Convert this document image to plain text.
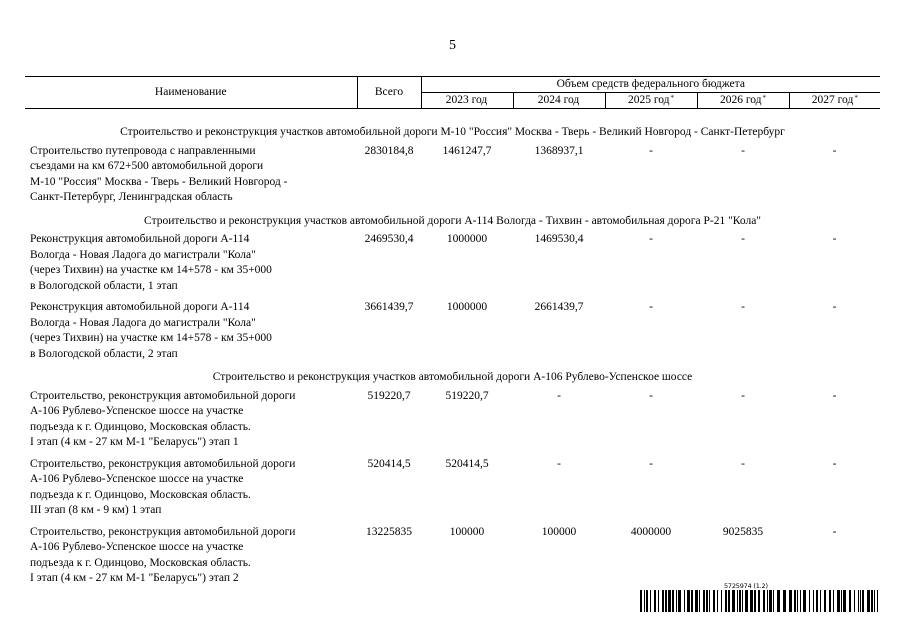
5
Наименование	Всего	Объем средств федерального бюджета				
		2023 год	2024 год	2025 год*	2026 год*	2027 год*

Строительство и реконструкция участков автомобильной дороги М-10 "Россия" Москва - Тверь - Великий Новгород - Санкт-Петербург						

Строительство путепровода с направленными
съездами на км 672+500 автомобильной дороги
М-10 "Россия" Москва - Тверь - Великий Новгород -
Санкт-Петербург, Ленинградская область	2830184,8	1461247,7	1368937,1	-	-	-
Строительство и реконструкция участков автомобильной дороги А-114 Вологда - Тихвин - автомобильная дорога Р-21 "Кола"						

Реконструкция автомобильной дороги А-114
Вологда - Новая Ладога до магистрали "Кола"
(через Тихвин) на участке км 14+578 - км 35+000
в Вологодской области, 1 этап	2469530,4	1000000	1469530,4	-	-	-

Реконструкция автомобильной дороги А-114
Вологда - Новая Ладога до магистрали "Кола"
(через Тихвин) на участке км 14+578 - км 35+000
в Вологодской области, 2 этап	3661439,7	1000000	2661439,7	-	-	-
Строительство и реконструкция участков автомобильной дороги А-106 Рублево-Успенское шоссе						

Строительство, реконструкция автомобильной дороги
А-106 Рублево-Успенское шоссе на участке
подъезда к г. Одинцово, Московская область.
I этап (4 км - 27 км М-1 "Беларусь") этап 1	519220,7	519220,7	-	-	-	-

Строительство, реконструкция автомобильной дороги
А-106 Рублево-Успенское шоссе на участке
подъезда к г. Одинцово, Московская область.
III этап (8 км - 9 км) 1 этап	520414,5	520414,5	-	-	-	-

Строительство, реконструкция автомобильной дороги
А-106 Рублево-Успенское шоссе на участке
подъезда к г. Одинцово, Московская область.
I этап (4 км - 27 км М-1 "Беларусь") этап 2	13225835	100000	100000	4000000	9025835	-
5725974 (1.2)
